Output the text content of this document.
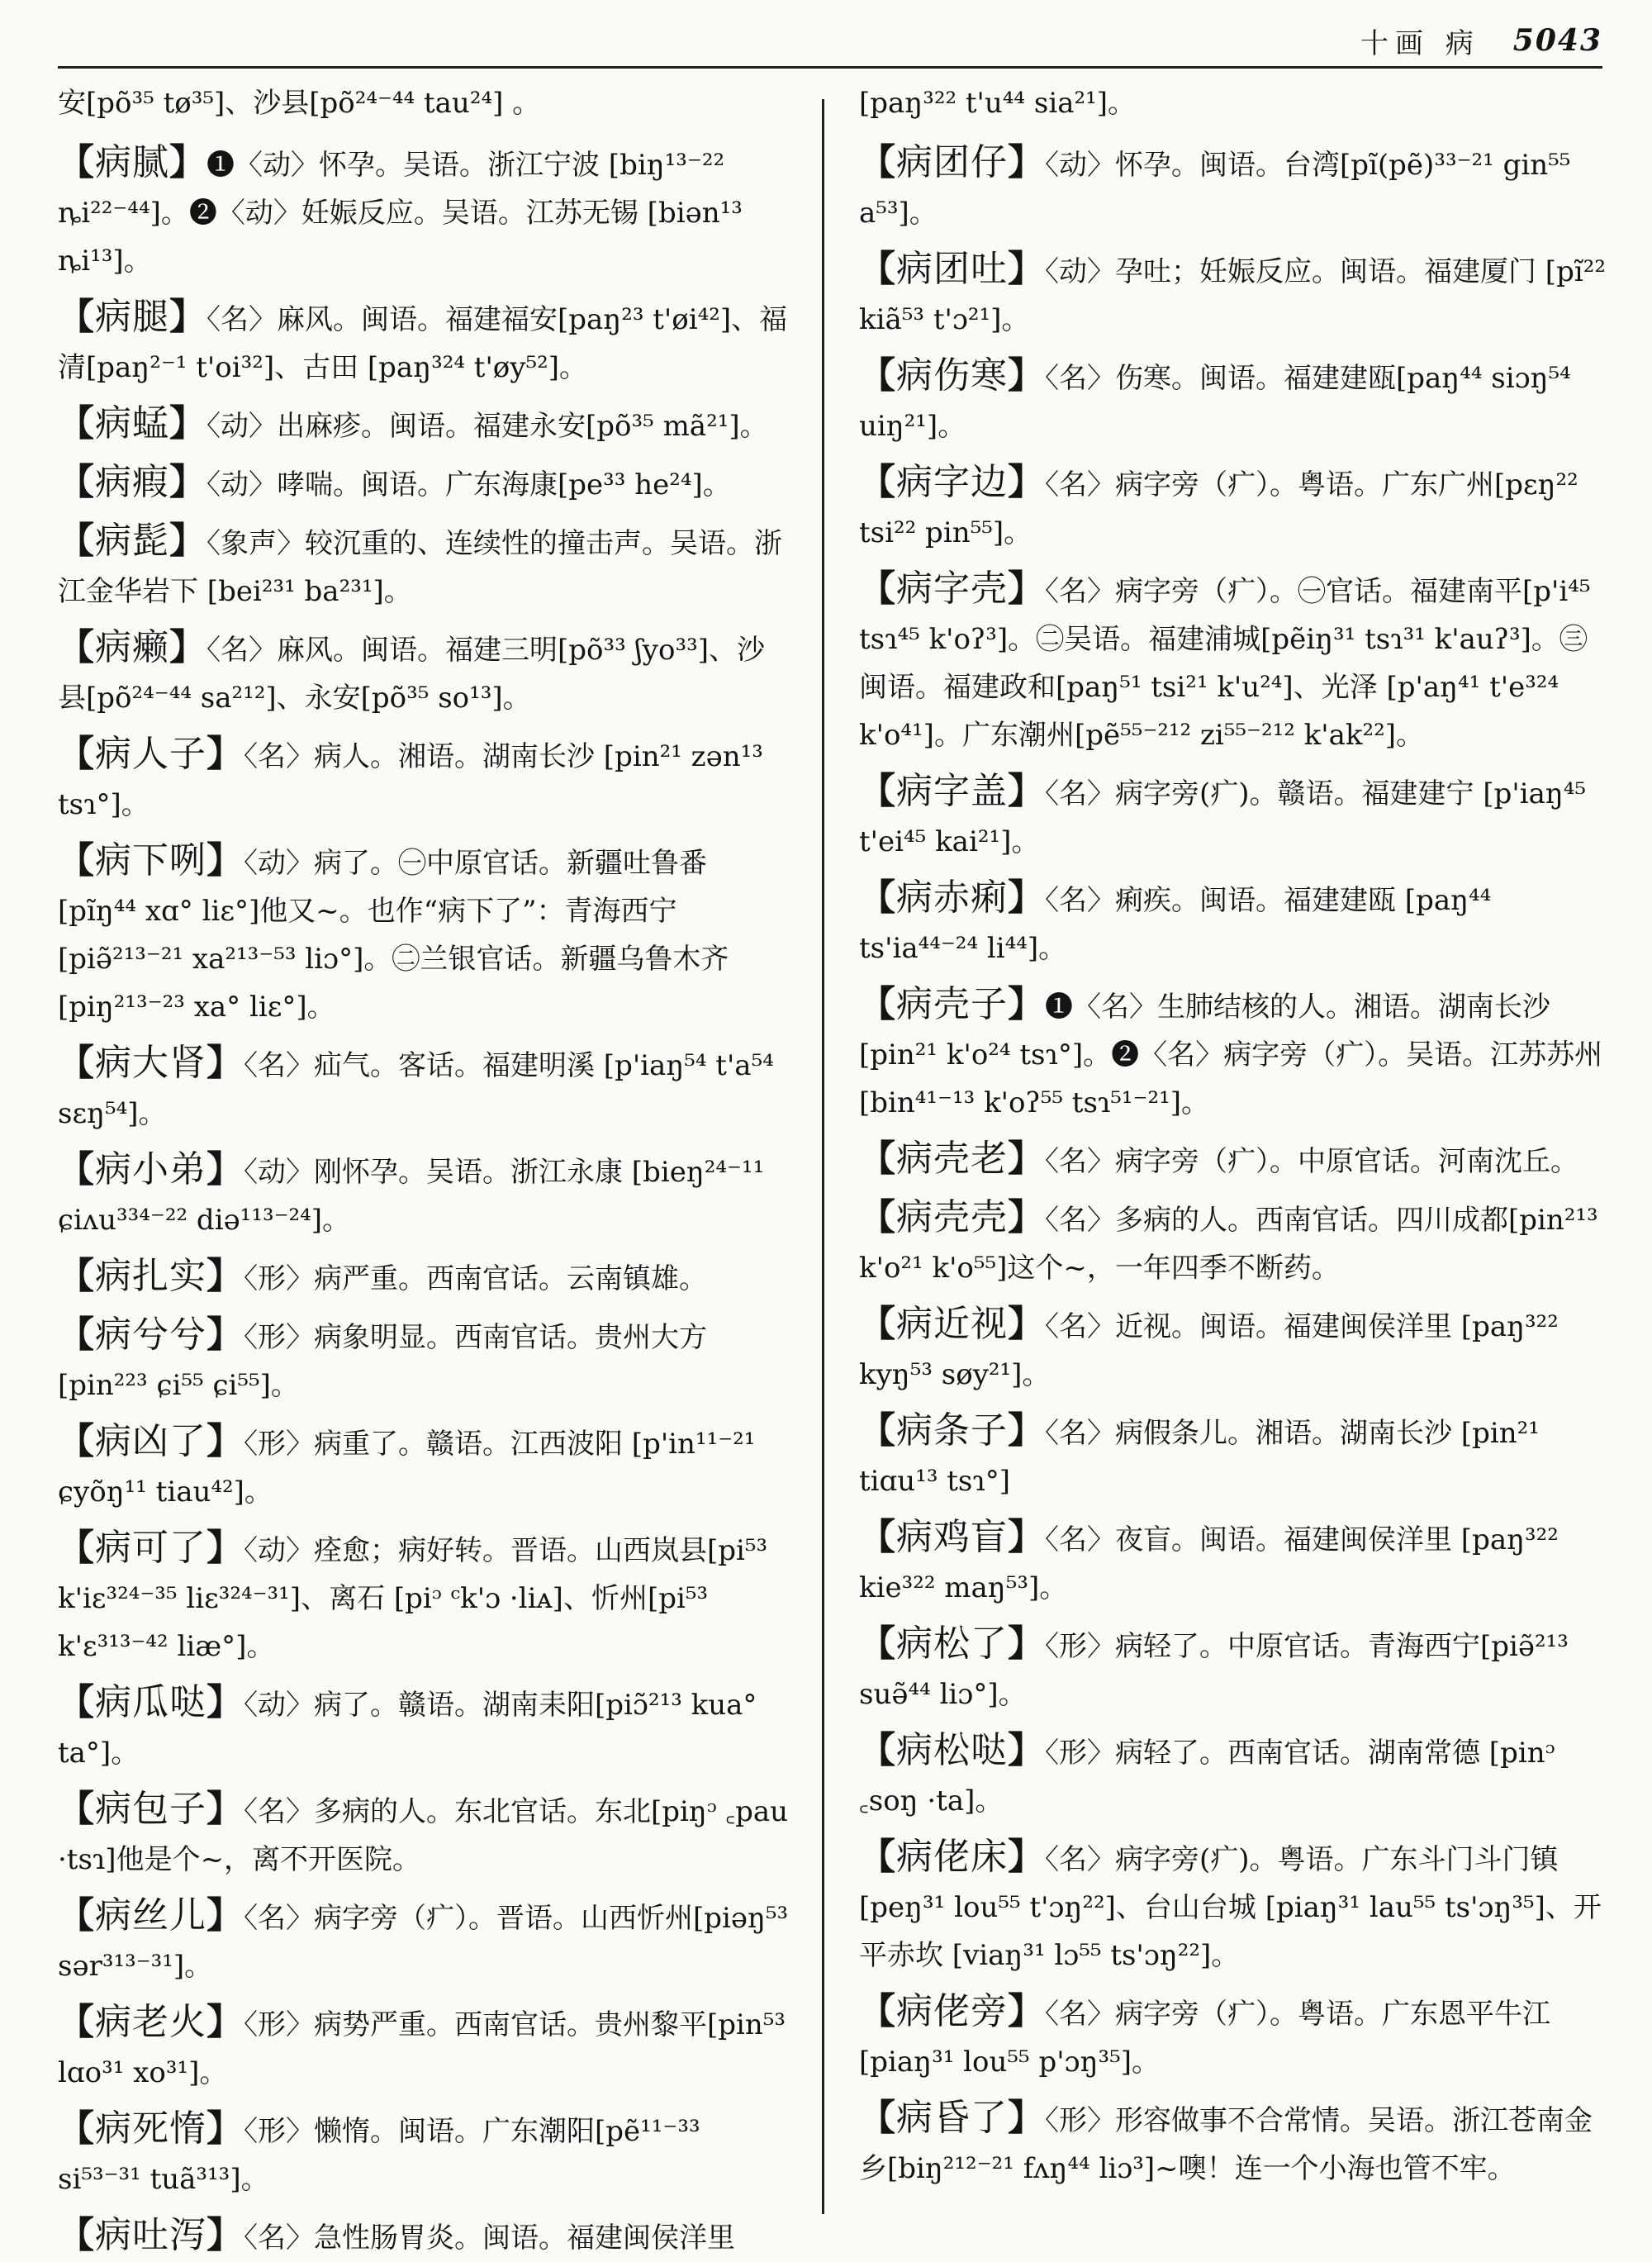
十画 病 5043

安[põ³⁵ tø³⁵]、沙县[põ²⁴⁻⁴⁴ tau²⁴] 。

【病腻】❶〈动〉怀孕。吴语。浙江宁波 [biŋ¹³⁻²² ȵi²²⁻⁴⁴]。❷〈动〉妊娠反应。吴语。江苏无锡 [biən¹³ ȵi¹³]。

【病腿】〈名〉麻风。闽语。福建福安[paŋ²³ t'øi⁴²]、福清[paŋ²⁻¹ t'oi³²]、古田 [paŋ³²⁴ t'øy⁵²]。

【病蜢】〈动〉出麻疹。闽语。福建永安[põ³⁵ mã²¹]。

【病瘕】〈动〉哮喘。闽语。广东海康[pe³³ he²⁴]。

【病髭】〈象声〉较沉重的、连续性的撞击声。吴语。浙江金华岩下 [bei²³¹ ba²³¹]。

【病癞】〈名〉麻风。闽语。福建三明[põ³³ ʃyo³³]、沙县[põ²⁴⁻⁴⁴ sa²¹²]、永安[põ³⁵ so¹³]。

【病人子】〈名〉病人。湘语。湖南长沙 [pin²¹ zən¹³ tsɿ°]。

【病下咧】〈动〉病了。㊀中原官话。新疆吐鲁番 [pĩŋ⁴⁴ xɑ° liɛ°]他又~。也作“病下了”：青海西宁[piə̃²¹³⁻²¹ xa²¹³⁻⁵³ liɔ°]。㊁兰银官话。新疆乌鲁木齐[piŋ²¹³⁻²³ xa° liɛ°]。

【病大肾】〈名〉疝气。客话。福建明溪 [p'iaŋ⁵⁴ t'a⁵⁴ sɛŋ⁵⁴]。

【病小弟】〈动〉刚怀孕。吴语。浙江永康 [bieŋ²⁴⁻¹¹ ɕiʌu³³⁴⁻²² diə¹¹³⁻²⁴]。

【病扎实】〈形〉病严重。西南官话。云南镇雄。

【病兮兮】〈形〉病象明显。西南官话。贵州大方[pin²²³ ɕi⁵⁵ ɕi⁵⁵]。

【病凶了】〈形〉病重了。赣语。江西波阳 [p'in¹¹⁻²¹ ɕyõŋ¹¹ tiau⁴²]。

【病可了】〈动〉痊愈；病好转。晋语。山西岚县[pi⁵³ k'iɛ³²⁴⁻³⁵ liɛ³²⁴⁻³¹]、离石 [piᵓ ᶜk'ɔ ·liᴀ]、忻州[pi⁵³ k'ɛ³¹³⁻⁴² liæ°]。

【病瓜哒】〈动〉病了。赣语。湖南耒阳[piɔ̃²¹³ kua° ta°]。

【病包子】〈名〉多病的人。东北官话。东北[piŋᵓ ꜀pau ·tsɿ]他是个~，离不开医院。

【病丝儿】〈名〉病字旁（疒）。晋语。山西忻州[piəŋ⁵³ sər³¹³⁻³¹]。

【病老火】〈形〉病势严重。西南官话。贵州黎平[pin⁵³ lɑo³¹ xo³¹]。

【病死惰】〈形〉懒惰。闽语。广东潮阳[pẽ¹¹⁻³³ si⁵³⁻³¹ tuã³¹³]。

【病吐泻】〈名〉急性肠胃炎。闽语。福建闽侯洋里

[paŋ³²² t'u⁴⁴ sia²¹]。

【病团仔】〈动〉怀孕。闽语。台湾[pĩ(pẽ)³³⁻²¹ gin⁵⁵ a⁵³]。

【病团吐】〈动〉孕吐；妊娠反应。闽语。福建厦门 [pĩ²² kiã⁵³ t'ɔ²¹]。

【病伤寒】〈名〉伤寒。闽语。福建建瓯[paŋ⁴⁴ siɔŋ⁵⁴ uiŋ²¹]。

【病字边】〈名〉病字旁（疒）。粤语。广东广州[pɛŋ²² tsi²² pin⁵⁵]。

【病字壳】〈名〉病字旁（疒）。㊀官话。福建南平[p'i⁴⁵ tsɿ⁴⁵ k'oʔ³]。㊁吴语。福建浦城[pẽiŋ³¹ tsɿ³¹ k'auʔ³]。㊂闽语。福建政和[paŋ⁵¹ tsi²¹ k'u²⁴]、光泽 [p'aŋ⁴¹ t'e³²⁴ k'o⁴¹]。广东潮州[pẽ⁵⁵⁻²¹² zi⁵⁵⁻²¹² k'ak²²]。

【病字盖】〈名〉病字旁(疒)。赣语。福建建宁 [p'iaŋ⁴⁵ t'ei⁴⁵ kai²¹]。

【病赤痢】〈名〉痢疾。闽语。福建建瓯 [paŋ⁴⁴ ts'ia⁴⁴⁻²⁴ li⁴⁴]。

【病壳子】❶〈名〉生肺结核的人。湘语。湖南长沙 [pin²¹ k'o²⁴ tsɿ°]。❷〈名〉病字旁（疒）。吴语。江苏苏州 [bin⁴¹⁻¹³ k'oʔ⁵⁵ tsɿ⁵¹⁻²¹]。

【病壳老】〈名〉病字旁（疒）。中原官话。河南沈丘。

【病壳壳】〈名〉多病的人。西南官话。四川成都[pin²¹³ k'o²¹ k'o⁵⁵]这个~，一年四季不断药。

【病近视】〈名〉近视。闽语。福建闽侯洋里 [paŋ³²² kyŋ⁵³ søy²¹]。

【病条子】〈名〉病假条儿。湘语。湖南长沙 [pin²¹ tiɑu¹³ tsɿ°]

【病鸡盲】〈名〉夜盲。闽语。福建闽侯洋里 [paŋ³²² kie³²² maŋ⁵³]。

【病松了】〈形〉病轻了。中原官话。青海西宁[piə̃²¹³ suə̃⁴⁴ liɔ°]。

【病松哒】〈形〉病轻了。西南官话。湖南常德 [pinᵓ ꜀soŋ ·ta]。

【病佬床】〈名〉病字旁(疒)。粤语。广东斗门斗门镇[peŋ³¹ lou⁵⁵ t'ɔŋ²²]、台山台城 [piaŋ³¹ lau⁵⁵ ts'ɔŋ³⁵]、开平赤坎 [viaŋ³¹ lɔ⁵⁵ ts'ɔŋ²²]。

【病佬旁】〈名〉病字旁（疒）。粤语。广东恩平牛江[piaŋ³¹ lou⁵⁵ p'ɔŋ³⁵]。

【病昏了】〈形〉形容做事不合常情。吴语。浙江苍南金乡[biŋ²¹²⁻²¹ fʌŋ⁴⁴ liɔ³]~噢！连一个小海也管不牢。
